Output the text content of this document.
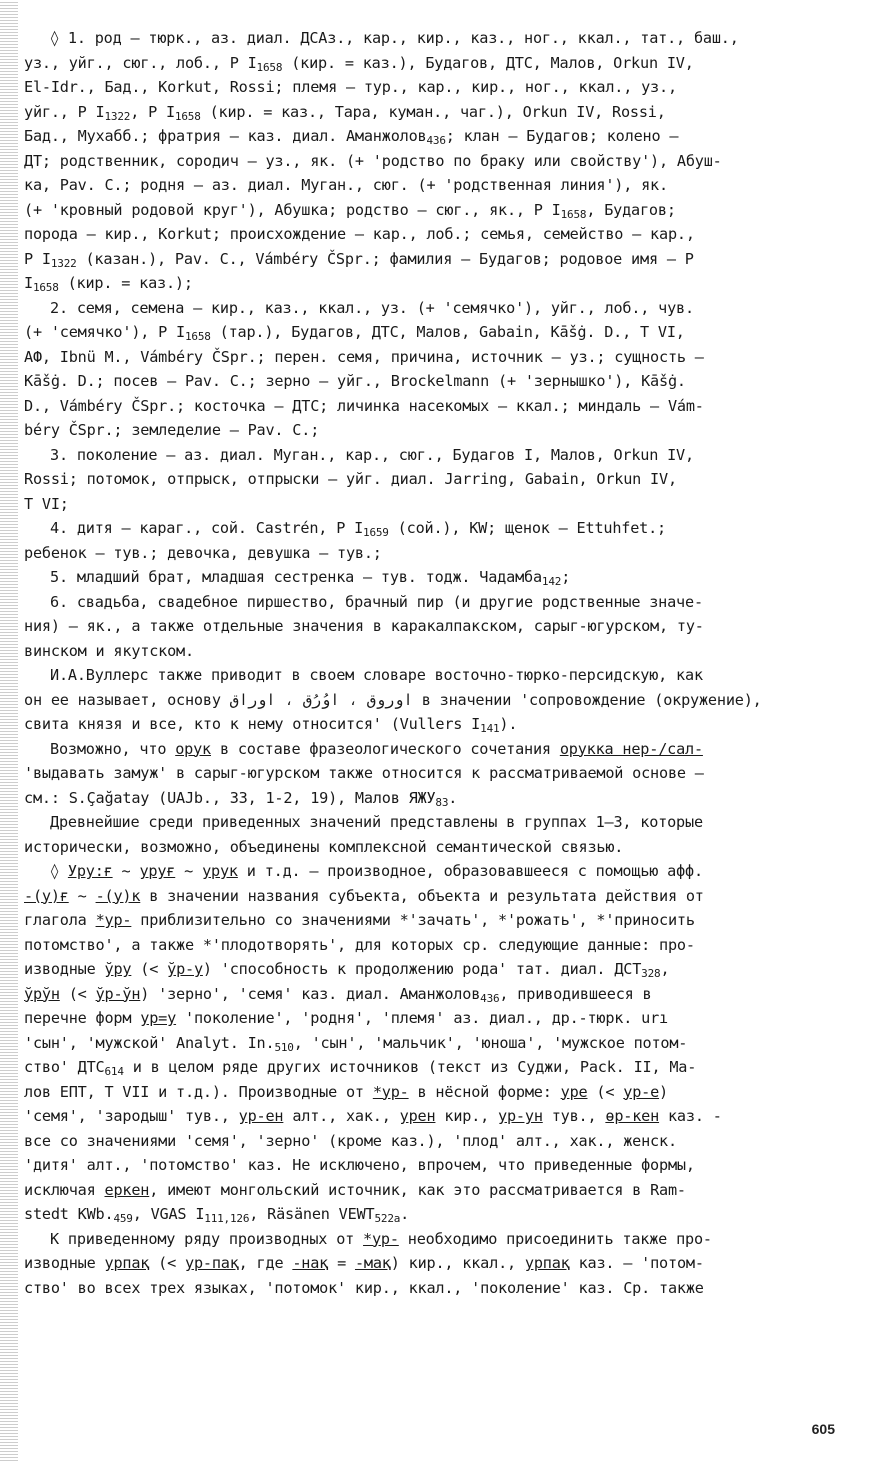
◊ 1. род – тюрк., аз. диал. ДСАз., кар., кир., каз., ног., ккал., тат., баш.,
уз., уйг., сюг., лоб., Р $I_{1658}$ (кир. = каз.), Будагов, ДТС, Малов, Orkun IV,
El-Idr., Бад., Korkut, Rossi; племя – тур., кар., кир., ног., ккал., уз.,
уйг., Р $I_{1322}$, Р $I_{1658}$ (кир. = каз., Тара, куман., чаг.), Orkun IV, Rossi,
Бад., Мухабб.; фратрия – каз. диал. Аманжолов$_{436}$; клан – Будагов; колено –
ДТ; родственник, сородич – уз., як. (+ 'родство по браку или свойству'), Абуш-
ка, Pav. C.; родня – аз. диал. Муган., сюг. (+ 'родственная линия'), як.
(+ 'кровный родовой круг'), Абушка; родство – сюг., як., Р $I_{1658}$, Будагов;
порода – кир., Korkut; происхождение – кар., лоб.; семья, семейство – кар.,
Р $I_{1322}$ (казан.), Pav. C., Vámbéry ČSpr.; фамилия – Будагов; родовое имя – Р
$I_{1658}$ (кир. = каз.);
2. семя, семена – кир., каз., ккал., уз. (+ 'семячко'), уйг., лоб., чув.
(+ 'семячко'), Р $I_{1658}$ (тар.), Будагов, ДТС, Малов, Gabain, Kāšġ. D., T VI,
АФ, Ibnü M., Vámbéry ČSpr.; перен. семя, причина, источник – уз.; сущность –
Kāšġ. D.; посев – Pav. C.; зерно – уйг., Brockelmann (+ 'зернышко'), Kāšġ.
D., Vámbéry ČSpr.; косточка – ДТС; личинка насекомых – ккал.; миндаль – Vám-
béry ČSpr.; земледелие – Pav. C.;
3. поколение – аз. диал. Муган., кар., сюг., Будагов I, Малов, Orkun IV,
Rossi; потомок, отпрыск, отпрыски – уйг. диал. Jarring, Gabain, Orkun IV,
T VI;
4. дитя – караг., сой. Castrén, Р $I_{1659}$ (сой.), KW; щенок – Ettuhfet.;
ребенок – тув.; девочка, девушка – тув.;
5. младший брат, младшая сестренка – тув. тодж. Чадамба$_{142}$;
6. свадьба, свадебное пиршество, брачный пир (и другие родственные значе-
ния) – як., а также отдельные значения в каракалпакском, сарыг-югурском, ту-
винском и якутском.
И.А.Вуллерс также приводит в своем словаре восточно-тюрко-персидскую, как
он ее называет, основу اوروق ، اوُرُق ، اوراق в значении 'сопровождение (окружение),
свита князя и все, кто к нему относится' (Vullers $I_{141}$).
Возможно, что орук в составе фразеологического сочетания орукка нер-/сал-
'выдавать замуж' в сарыг-югурском также относится к рассматриваемой основе –
см.: S.Çağatay (UAJb., 33, 1-2, 19), Малов $ЯЖУ_{83}$.
Древнейшие среди приведенных значений представлены в группах 1–3, которые
исторически, возможно, объединены комплексной семантической связью.
◊ Уру:ғ ~ уруғ ~ урук и т.д. – производное, образовавшееся с помощью афф.
-(у)ғ ~ -(у)к в значении названия субъекта, объекта и результата действия от
глагола *ур- приблизительно со значениями *'зачать', *'рожать', *'приносить
потомство', а также *'плодотворять', для которых ср. следующие данные: про-
изводные ўру (< ўр-у) 'способность к продолжению рода' тат. диал. $ДСТ_{328}$,
ўрўн (< ўр-ўн) 'зерно', 'семя' каз. диал. Аманжолов$_{436}$, приводившееся в
перечне форм ур=у 'поколение', 'родня', 'племя' аз. диал., др.-тюрк. urı
'сын', 'мужской' Analyt. $In._{510}$, 'сын', 'мальчик', 'юноша', 'мужское потом-
ство' $ДТС_{614}$ и в целом ряде других источников (текст из Суджи, Pack. II, Ма-
лов ЕПТ, T VII и т.д.). Производные от *ур- в нёсной форме: уре (< ур-е)
'семя', 'зародыш' тув., ур-ен алт., хак., урен кир., ур-ун тув., өр-кен каз. -
все со значениями 'семя', 'зерно' (кроме каз.), 'плод' алт., хак., женск.
'дитя' алт., 'потомство' каз. Не исключено, впрочем, что приведенные формы,
исключая еркен, имеют монгольский источник, как это рассматривается в Ram-
stedt $KWb._{459}$, VGAS $I_{111,126}$, Räsänen $VEWT_{522а}$.
К приведенному ряду производных от *ур- необходимо присоединить также про-
изводные урпақ (< ур-пақ, где -нақ = -мақ) кир., ккал., урпақ каз. – 'потом-
ство' во всех трех языках, 'потомок' кир., ккал., 'поколение' каз. Ср. также
605
